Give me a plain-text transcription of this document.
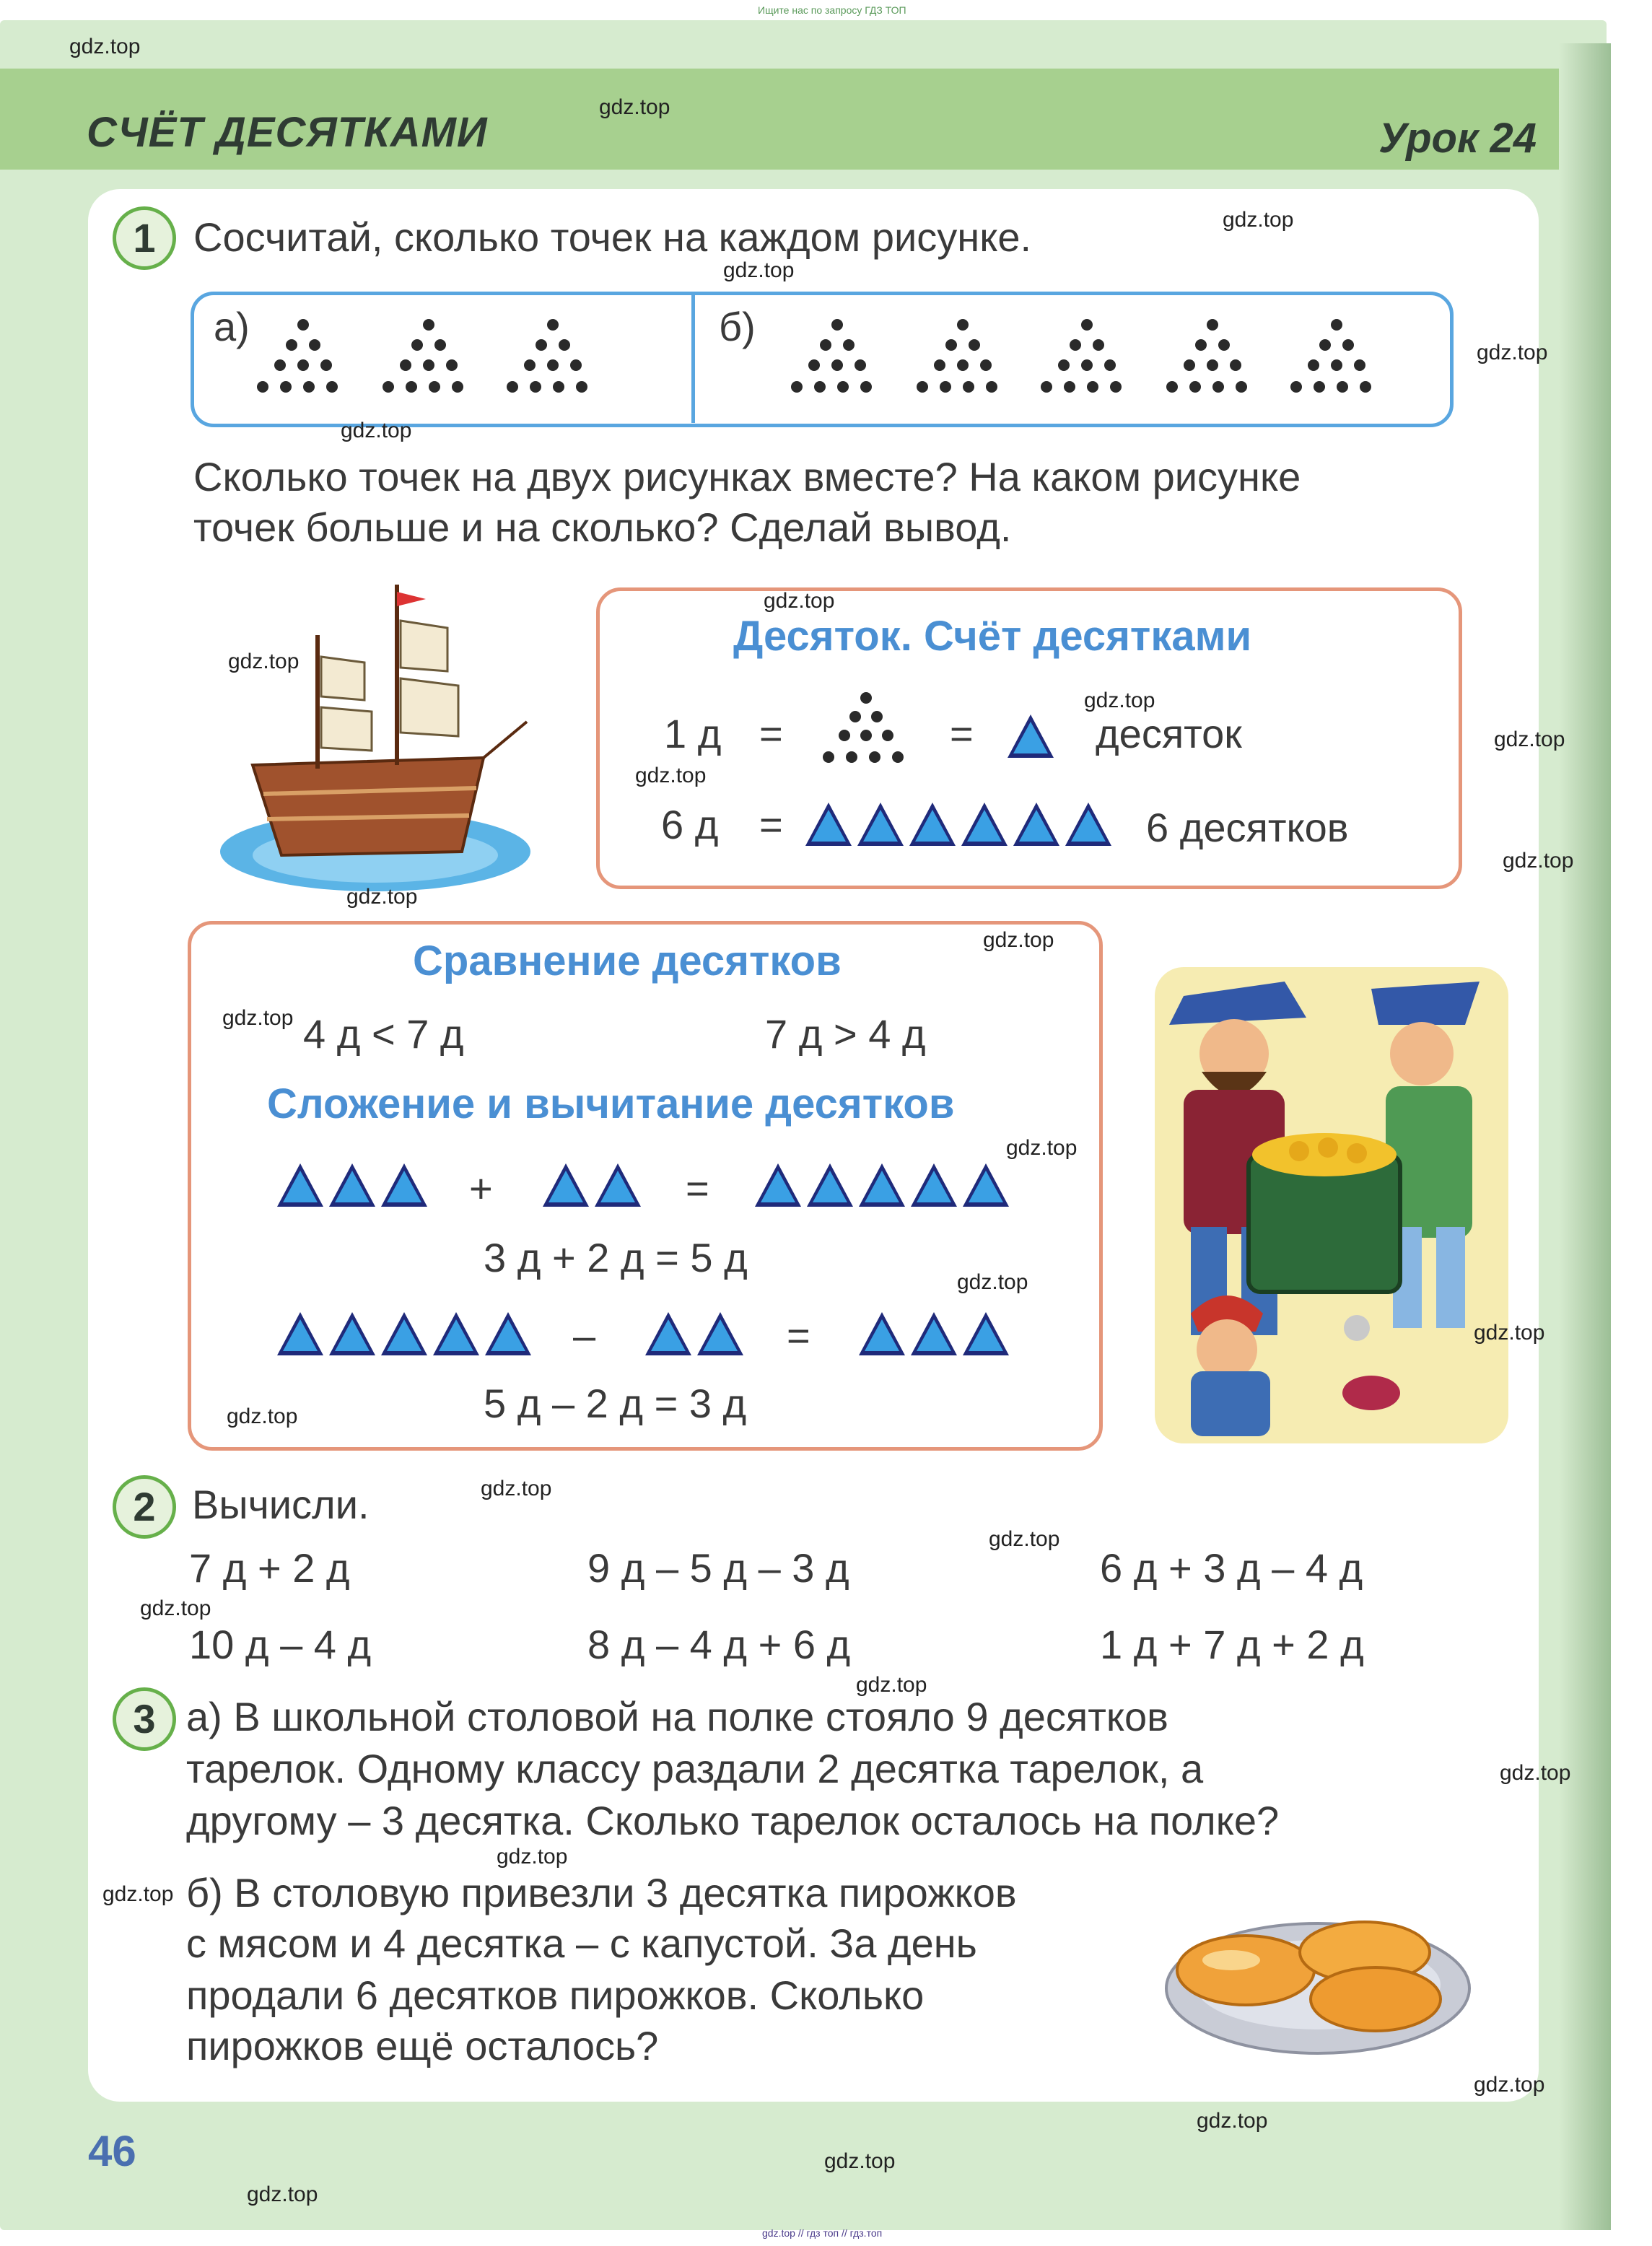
Ищите нас по запросу ГДЗ ТОП
СЧЁТ ДЕСЯТКАМИ	Урок 24
1 Сосчитай, сколько точек на каждом рисунке.
а)	б)
Сколько точек на двух рисунках вместе? На каком рисунке
точек больше и на сколько? Сделай вывод.
Десяток. Счёт десятками
1 д =	=	десяток
6 д =	6 десятков
Сравнение десятков
4 д < 7 д	7 д > 4 д
Сложение и вычитание десятков
+	=
3 д + 2 д = 5 д
–	=
5 д – 2 д = 3 д
2 Вычисли.
7 д + 2 д	9 д – 5 д – 3 д	6 д + 3 д – 4 д
10 д – 4 д	8 д – 4 д + 6 д	1 д + 7 д + 2 д
3 а) В школьной столовой на полке стояло 9 десятков
тарелок. Одному классу раздали 2 десятка тарелок, а
другому – 3 десятка. Сколько тарелок осталось на полке?
б) В столовую привезли 3 десятка пирожков
с мясом и 4 десятка – с капустой. За день
продали 6 десятков пирожков. Сколько
пирожков ещё осталось?
46
gdz.top
gdz.top
gdz.top
gdz.top
gdz.top
gdz.top
gdz.top
gdz.top
gdz.top
gdz.top
gdz.top
gdz.top
gdz.top
gdz.top
gdz.top
gdz.top
gdz.top
gdz.top
gdz.top
gdz.top
gdz.top
gdz.top
gdz.top
gdz.top
gdz.top
gdz.top
gdz.top
gdz.top
gdz.top
gdz.top
gdz.top // гдз топ // гдз.топ
